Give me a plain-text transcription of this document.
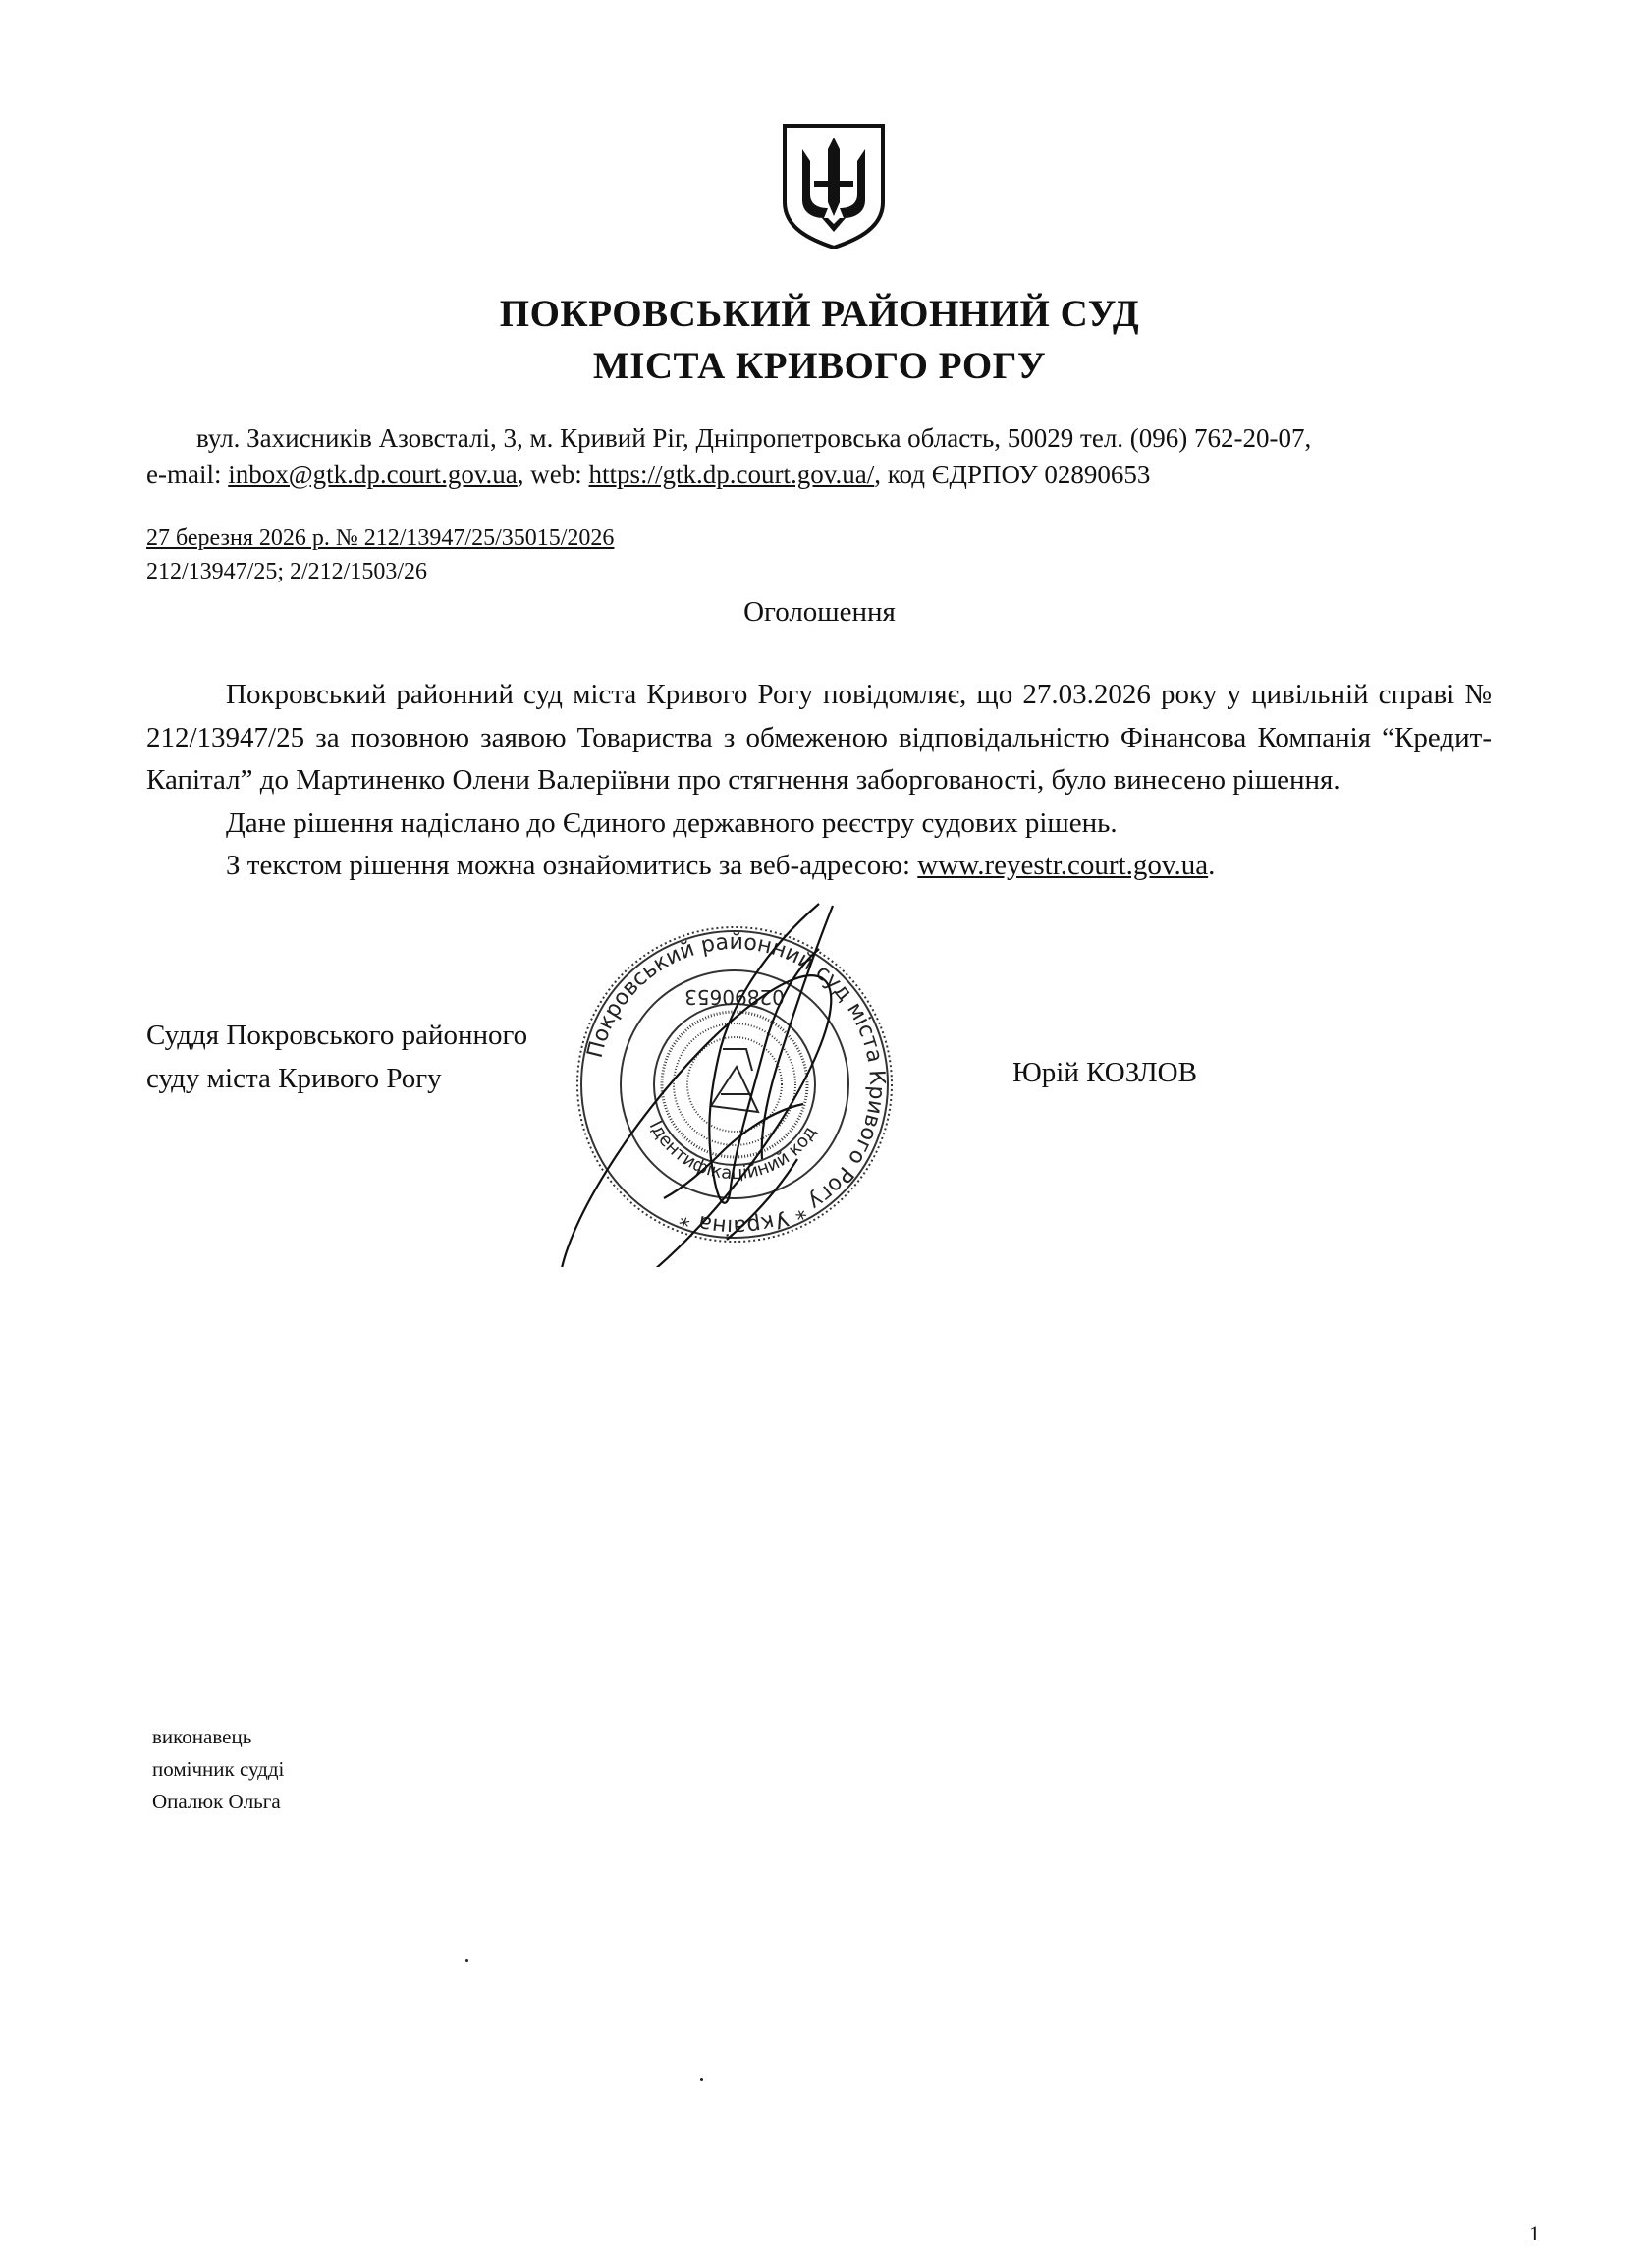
ПОКРОВСЬКИЙ РАЙОННИЙ СУД
МІСТА КРИВОГО РОГУ
вул. Захисників Азовсталі, 3, м. Кривий Ріг, Дніпропетровська область, 50029 тел. (096) 762-20-07,
e-mail: inbox@gtk.dp.court.gov.ua, web: https://gtk.dp.court.gov.ua/, код ЄДРПОУ 02890653
27 березня 2026 р. № 212/13947/25/35015/2026
212/13947/25; 2/212/1503/26
Оголошення

Покровський районний суд міста Кривого Рогу повідомляє, що 27.03.2026 року у цивільній справі № 212/13947/25 за позовною заявою Товариства з обмеженою відповідальністю Фінансова Компанія “Кредит-Капітал” до Мартиненко Олени Валеріївни про стягнення заборгованості, було винесено рішення.

Дане рішення надіслано до Єдиного державного реєстру судових рішень.

З текстом рішення можна ознайомитись за веб-адресою: www.reyestr.court.gov.ua.

Суддя Покровського районного
суду міста Кривого Рогу	Юрій КОЗЛОВ
Покровський районний суд міста Кривого Рогу * Україна *
02890653
Ідентифікаційний код
виконавець
помічник судді
Опалюк Ольга
1
